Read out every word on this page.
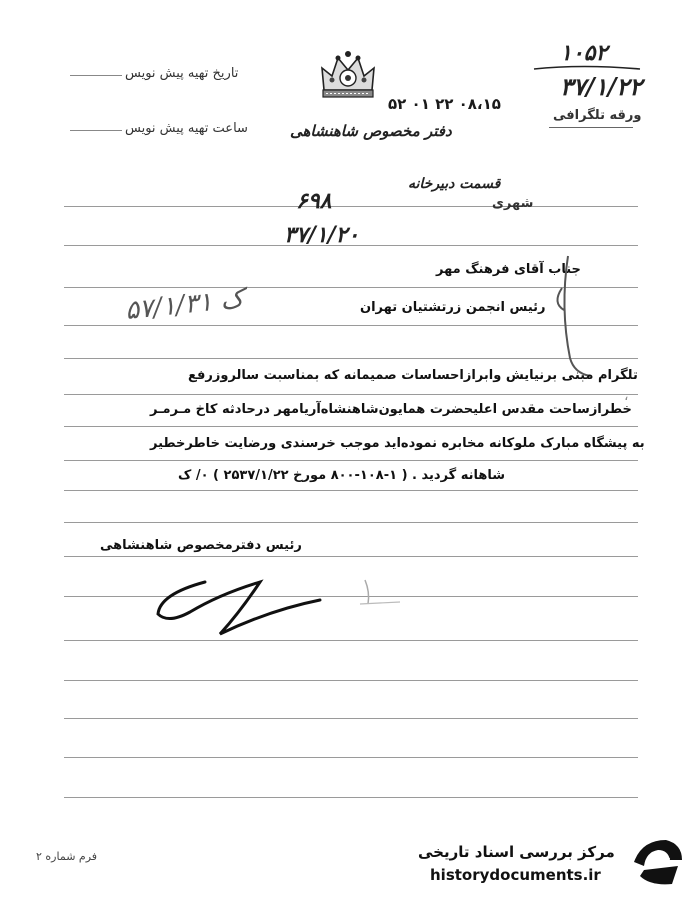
تاریخ تهیه پیش نویس
ساعت تهیه پیش نویس	دفتر مخصوص شاهنشاهی
۵۲ ۰۱ ۲۲ ۰۸،۱۵
۱۰۵۲
۳۷/۱/۲۲
ورقه تلگرافی
قسمت دبیرخانه
شهری
۶۹۸
۳۷/۱/۲۰
۵۷/۱/۳۱ ک
جناب آقای فرهنگ مهر
رئیس انجمن زرتشتیان تهران
،
تلگرام مبنی برنیایش وابرازاحساسات صمیمانه که بمناسبت سالروزرفع
خطرازساحت مقدس اعلیحضرت همایون‌شاهنشاه‌آریامهر درحادثه کاخ مـرمـر
به پیشگاه مبارک ملوکانه مخابره نموده‌اید موجب خرسندی ورضایت خاطرخطیر
شاهانه گردید . ( ۱-۱۰۸-۸۰۰ مورخ ۲۵۳۷/۱/۲۲ ) ۰/ ک
رئیس دفترمخصوص شاهنشاهی
فرم شماره ۲	مرکز بررسی اسناد تاریخی
historydocuments.ir
